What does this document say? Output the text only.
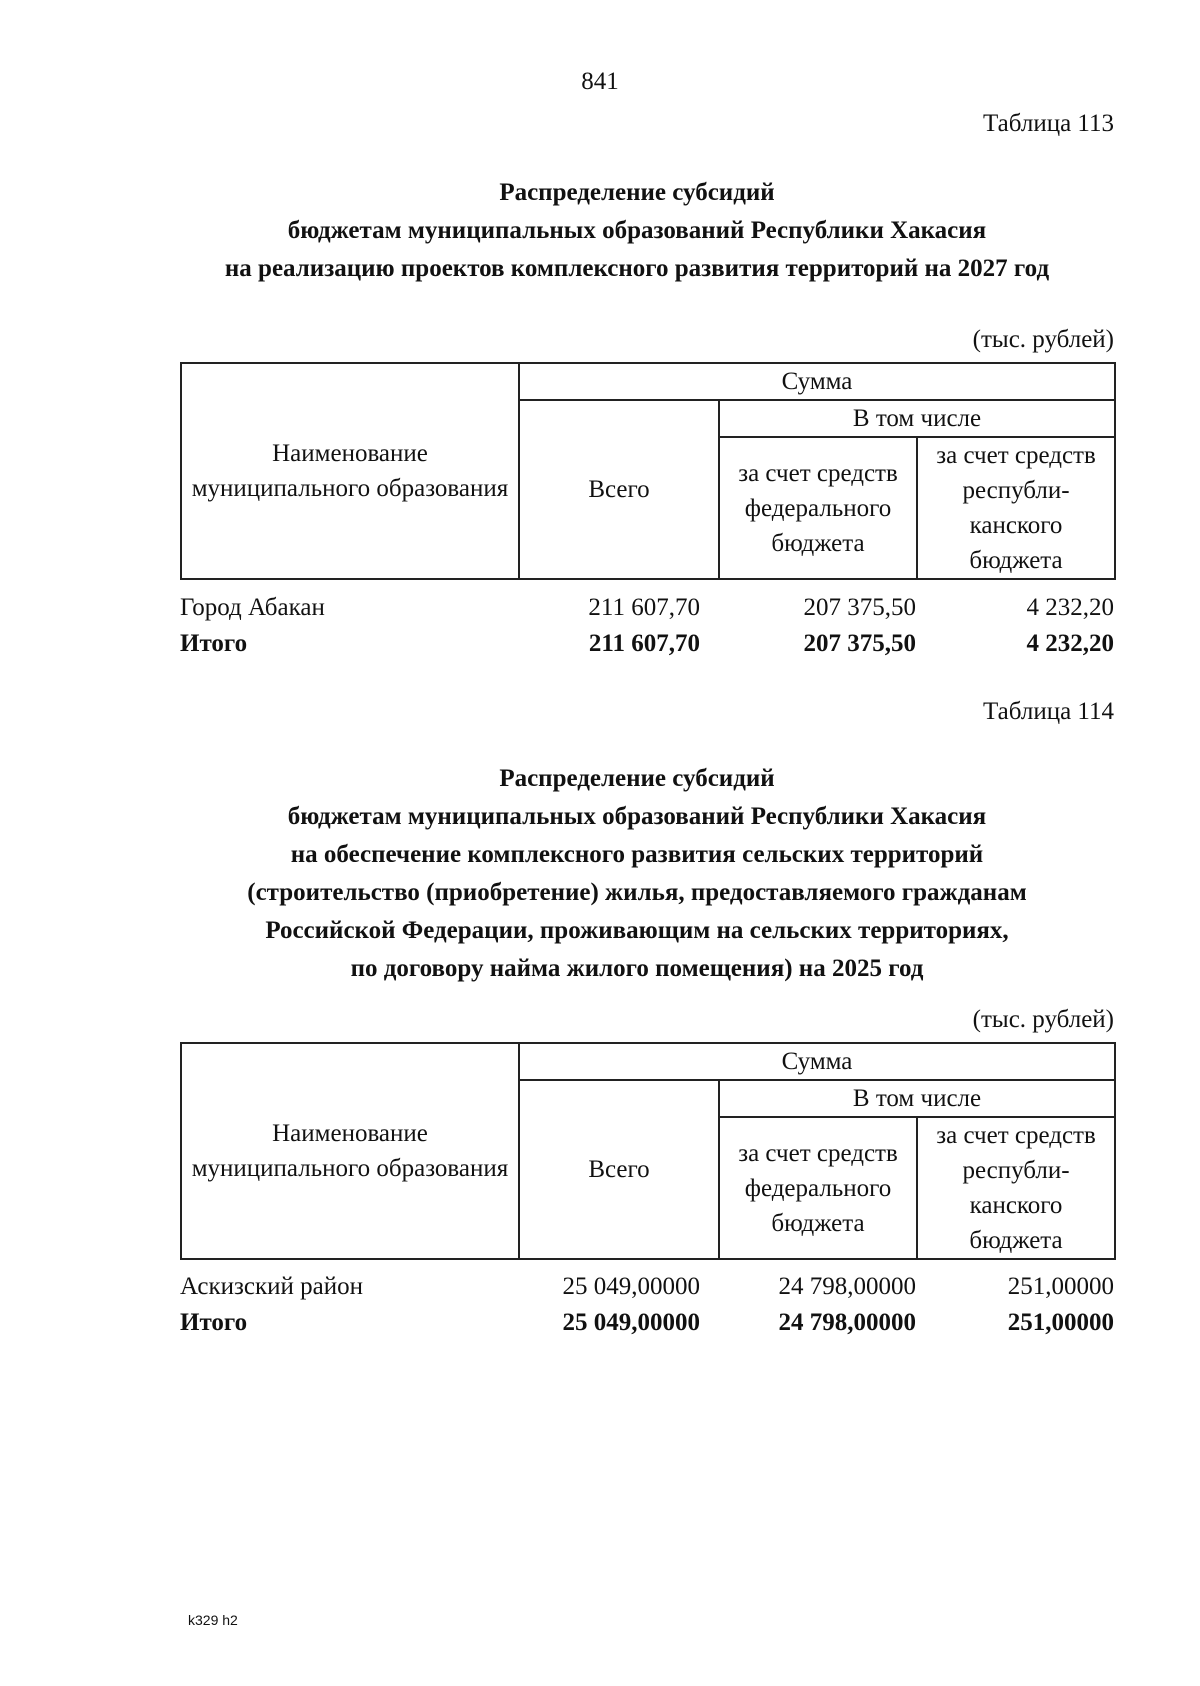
841
Таблица 113
Распределение субсидий
бюджетам муниципальных образований Республики Хакасия
на реализацию проектов комплексного развития территорий на 2027 год
(тыс. рублей)
Наименование муниципального образования	Сумма		
	Всего	В том числе	
		за счет средств федерального бюджета	за счет средств республи-канского бюджета
Город Абакан	211 607,70	207 375,50	4 232,20
Итого	211 607,70	207 375,50	4 232,20
Таблица 114
Распределение субсидий
бюджетам муниципальных образований Республики Хакасия
на обеспечение комплексного развития сельских территорий
(строительство (приобретение) жилья, предоставляемого гражданам
Российской Федерации, проживающим на сельских территориях,
по договору найма жилого помещения) на 2025 год
(тыс. рублей)
Наименование муниципального образования	Сумма		
	Всего	В том числе	
		за счет средств федерального бюджета	за счет средств республи-канского бюджета
Аскизский район	25 049,00000	24 798,00000	251,00000
Итого	25 049,00000	24 798,00000	251,00000
k329 h2
